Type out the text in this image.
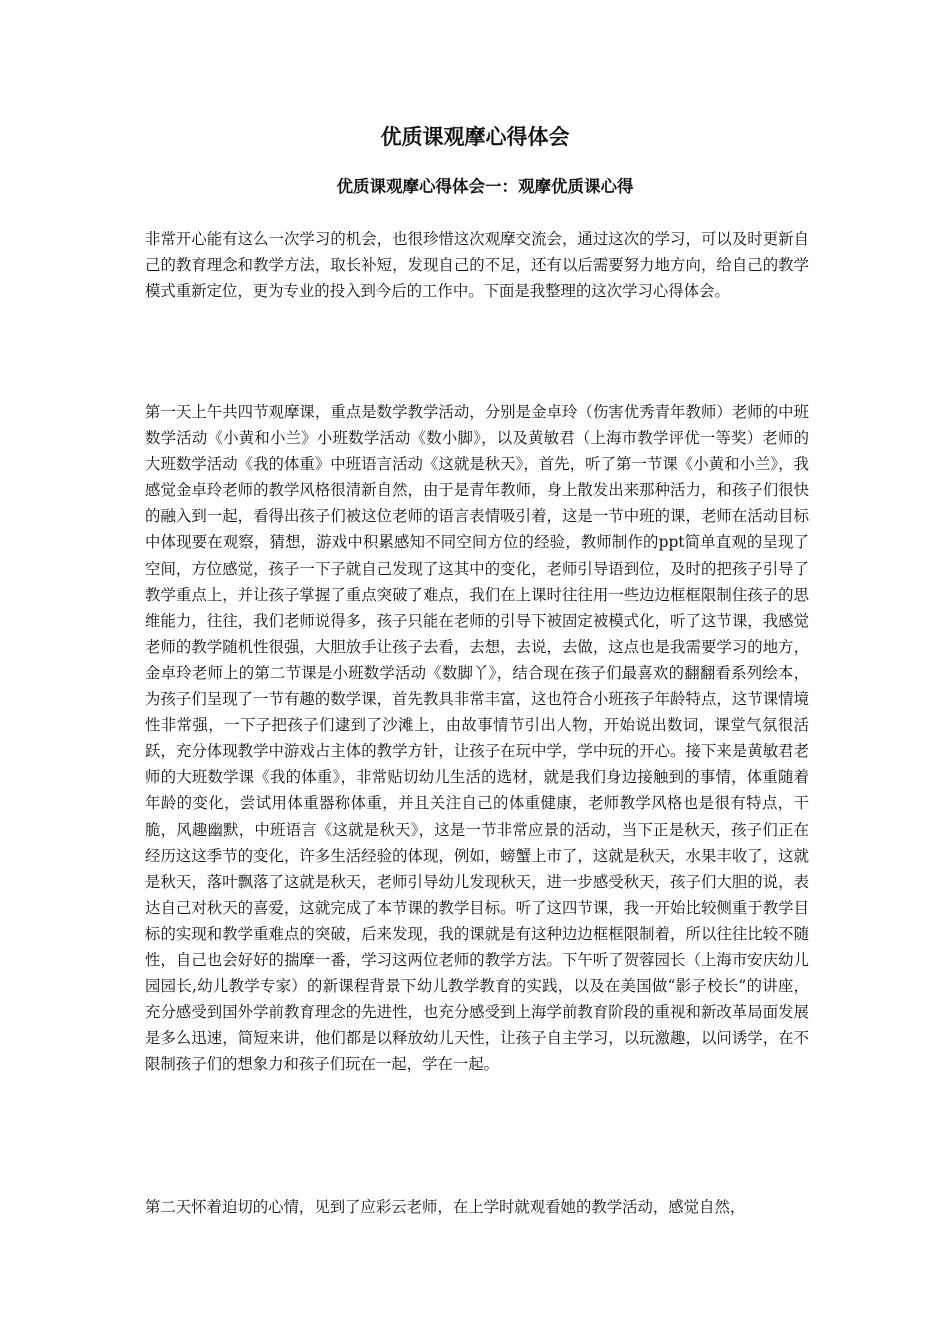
优质课观摩心得体会
优质课观摩心得体会一：观摩优质课心得

非常开心能有这么一次学习的机会，也很珍惜这次观摩交流会，通过这次的学习，可以及时更新自己的教育理念和教学方法，取长补短，发现自己的不足，还有以后需要努力地方向，给自己的教学模式重新定位，更为专业的投入到今后的工作中。下面是我整理的这次学习心得体会。

第一天上午共四节观摩课，重点是数学教学活动，分别是金卓玲（伤害优秀青年教师）老师的中班数学活动《小黄和小兰》小班数学活动《数小脚》，以及黄敏君（上海市教学评优一等奖）老师的大班数学活动《我的体重》中班语言活动《这就是秋天》，首先，听了第一节课《小黄和小兰》，我感觉金卓玲老师的教学风格很清新自然，由于是青年教师，身上散发出来那种活力，和孩子们很快的融入到一起，看得出孩子们被这位老师的语言表情吸引着，这是一节中班的课，老师在活动目标中体现要在观察，猜想，游戏中积累感知不同空间方位的经验，教师制作的ppt简单直观的呈现了空间，方位感觉，孩子一下子就自己发现了这其中的变化，老师引导语到位，及时的把孩子引导了教学重点上，并让孩子掌握了重点突破了难点，我们在上课时往往用一些边边框框限制住孩子的思维能力，往往，我们老师说得多，孩子只能在老师的引导下被固定被模式化，听了这节课，我感觉老师的教学随机性很强，大胆放手让孩子去看，去想，去说，去做，这点也是我需要学习的地方，金卓玲老师上的第二节课是小班数学活动《数脚丫》，结合现在孩子们最喜欢的翻翻看系列绘本，为孩子们呈现了一节有趣的数学课，首先教具非常丰富，这也符合小班孩子年龄特点，这节课情境性非常强，一下子把孩子们逮到了沙滩上，由故事情节引出人物，开始说出数词，课堂气氛很活跃，充分体现教学中游戏占主体的教学方针，让孩子在玩中学，学中玩的开心。接下来是黄敏君老师的大班数学课《我的体重》，非常贴切幼儿生活的选材，就是我们身边接触到的事情，体重随着年龄的变化，尝试用体重器称体重，并且关注自己的体重健康，老师教学风格也是很有特点，干脆，风趣幽默，中班语言《这就是秋天》，这是一节非常应景的活动，当下正是秋天，孩子们正在经历这这季节的变化，许多生活经验的体现，例如，螃蟹上市了，这就是秋天，水果丰收了，这就是秋天，落叶飘落了这就是秋天，老师引导幼儿发现秋天，进一步感受秋天，孩子们大胆的说，表达自己对秋天的喜爱，这就完成了本节课的教学目标。听了这四节课，我一开始比较侧重于教学目标的实现和教学重难点的突破，后来发现，我的课就是有这种边边框框限制着，所以往往比较不随性，自己也会好好的揣摩一番，学习这两位老师的教学方法。下午听了贺蓉园长（上海市安庆幼儿园园长,幼儿教学专家）的新课程背景下幼儿教学教育的实践，以及在美国做“影子校长”的讲座，充分感受到国外学前教育理念的先进性，也充分感受到上海学前教育阶段的重视和新改革局面发展是多么迅速，简短来讲，他们都是以释放幼儿天性，让孩子自主学习，以玩激趣，以问诱学，在不限制孩子们的想象力和孩子们玩在一起，学在一起。

第二天怀着迫切的心情，见到了应彩云老师，在上学时就观看她的教学活动，感觉自然，
